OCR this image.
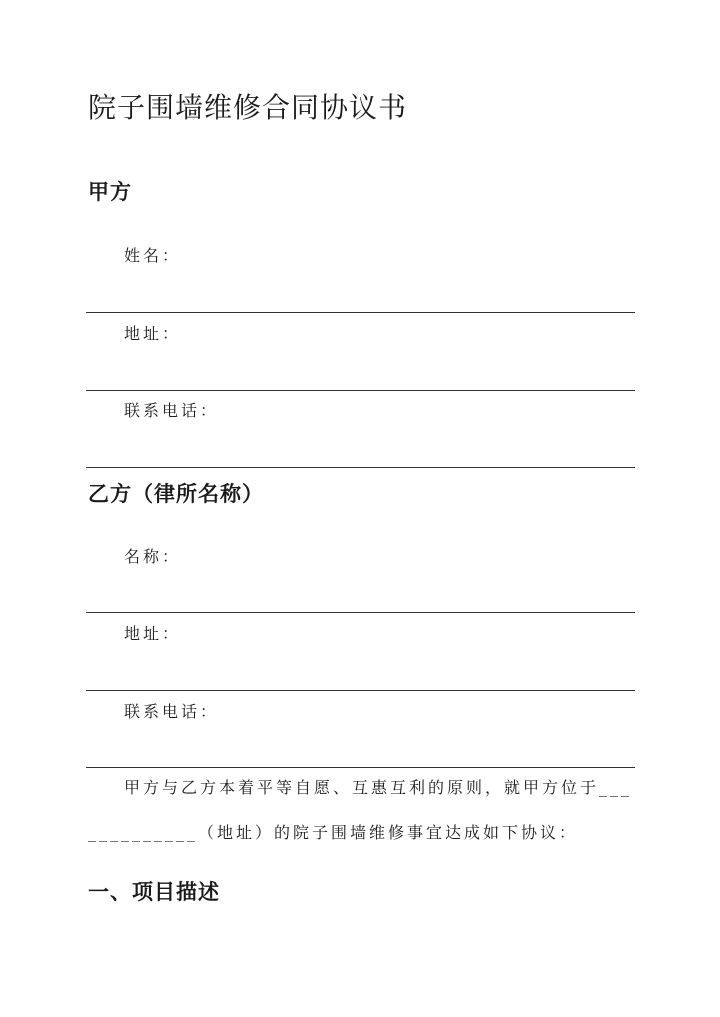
院子围墙维修合同协议书
甲方
姓名：
地址：
联系电话：
乙方（律所名称）
名称：
地址：
联系电话：
甲方与乙方本着平等自愿、互惠互利的原则，就甲方位于___
__________（地址）的院子围墙维修事宜达成如下协议：
一、项目描述
